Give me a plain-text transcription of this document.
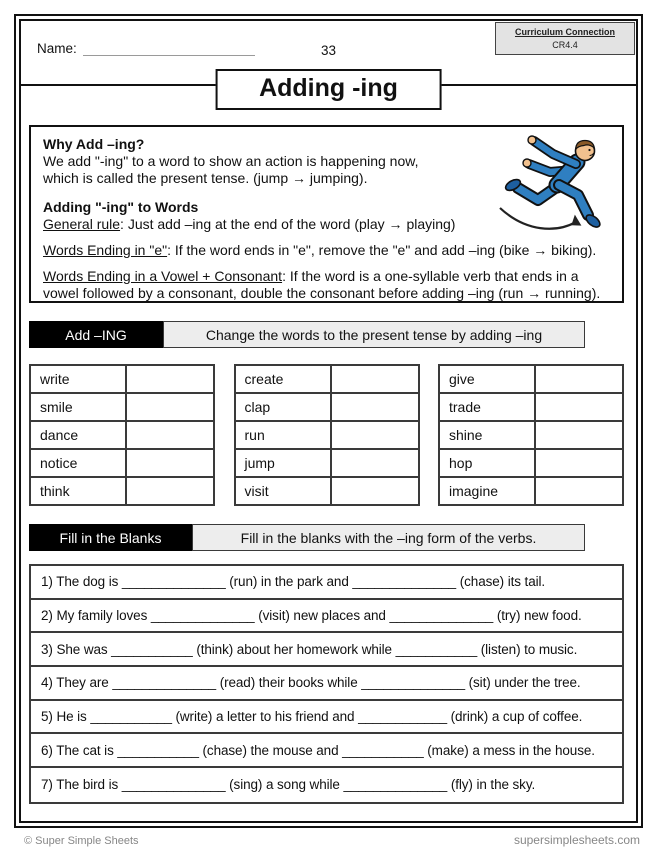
Name:	33
Curriculum Connection
CR4.4
Adding -ing
Why Add –ing?
We add "-ing" to a word to show an action is happening now,
which is called the present tense. (jump → jumping).
Adding "-ing" to Words
General rule: Just add –ing at the end of the word (play → playing)
Words Ending in "e": If the word ends in "e", remove the "e" and add –ing (bike → biking).
Words Ending in a Vowel + Consonant: If the word is a one-syllable verb that ends in a vowel followed by a consonant, double the consonant before adding –ing (run → running).
Add –ING	Change the words to the present tense by adding –ing
write	
smile	
dance	
notice	
think	
create	
clap	
run	
jump	
visit	
give	
trade	
shine	
hop	
imagine	
Fill in the Blanks	Fill in the blanks with the –ing form of the verbs.
1) The dog is ______________ (run) in the park and ______________ (chase) its tail.
2) My family loves ______________ (visit) new places and ______________ (try) new food.
3) She was ___________ (think) about her homework while ___________ (listen) to music.
4) They are ______________ (read) their books while ______________ (sit) under the tree.
5) He is ___________ (write) a letter to his friend and ____________ (drink) a cup of coffee.
6) The cat is ___________ (chase) the mouse and ___________ (make) a mess in the house.
7) The bird is ______________ (sing) a song while ______________ (fly) in the sky.
© Super Simple Sheets	supersimplesheets.com
